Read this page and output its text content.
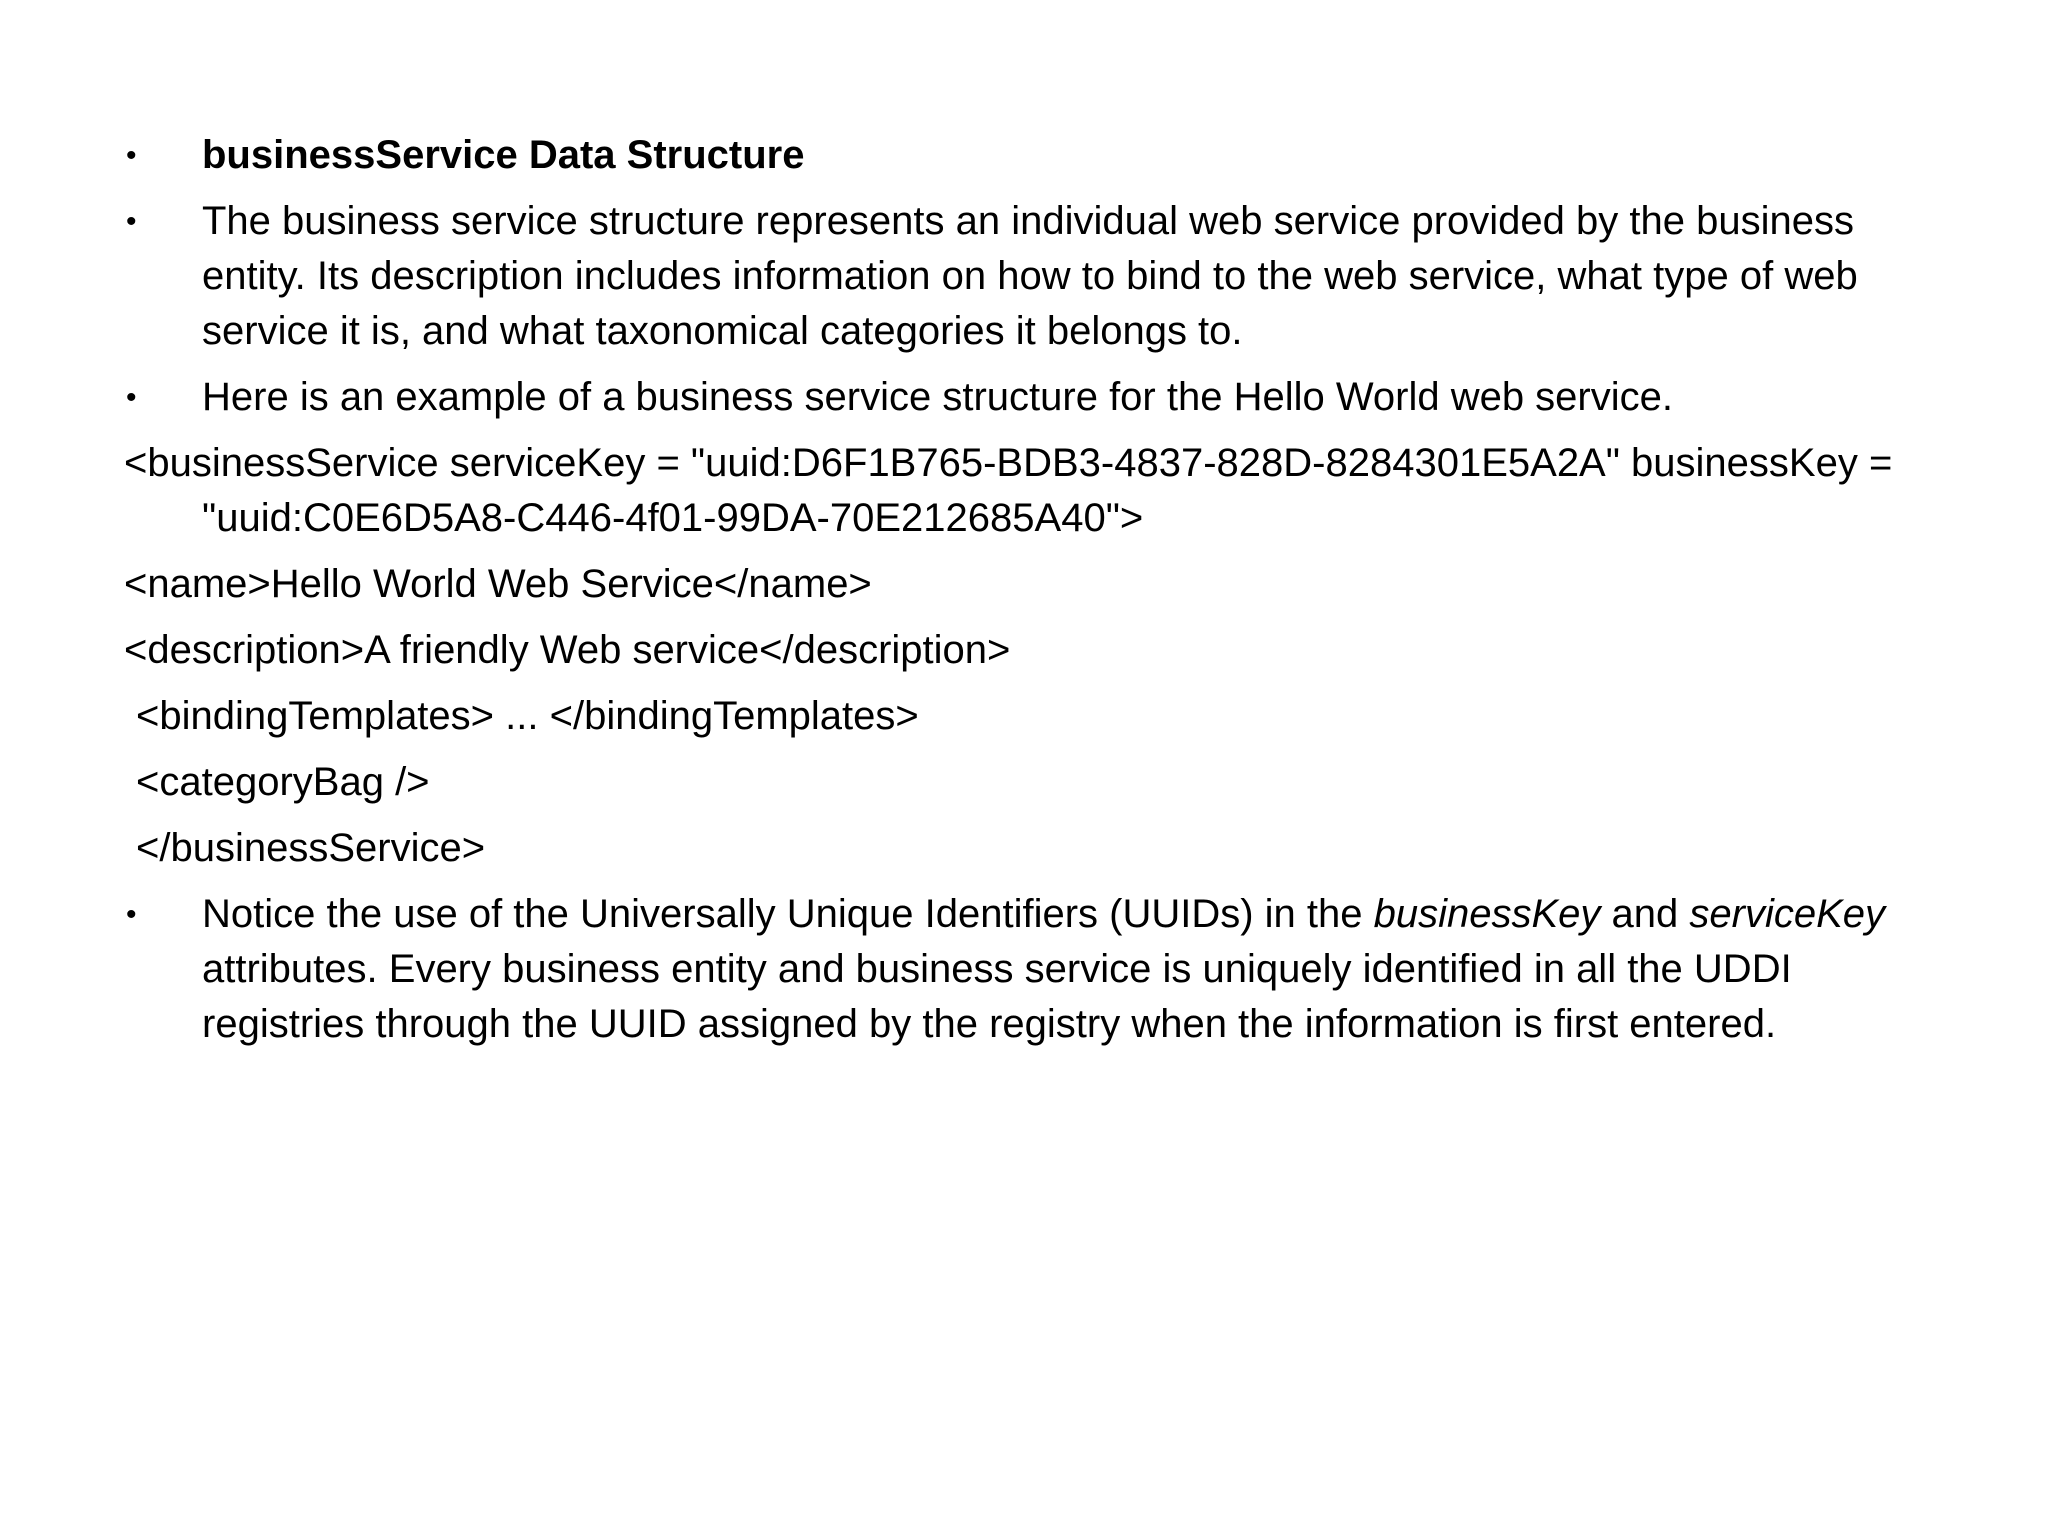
• businessService Data Structure
• The business service structure represents an individual web service provided by the business entity. Its description includes information on how to bind to the web service, what type of web service it is, and what taxonomical categories it belongs to.
• Here is an example of a business service structure for the Hello World web service.
<businessService serviceKey = "uuid:D6F1B765-BDB3-4837-828D-8284301E5A2A" businessKey = "uuid:C0E6D5A8-C446-4f01-99DA-70E212685A40">
<name>Hello World Web Service</name>
<description>A friendly Web service</description>
<bindingTemplates> ... </bindingTemplates>
<categoryBag />
</businessService>
• Notice the use of the Universally Unique Identifiers (UUIDs) in the businessKey and serviceKey attributes. Every business entity and business service is uniquely identified in all the UDDI registries through the UUID assigned by the registry when the information is first entered.
